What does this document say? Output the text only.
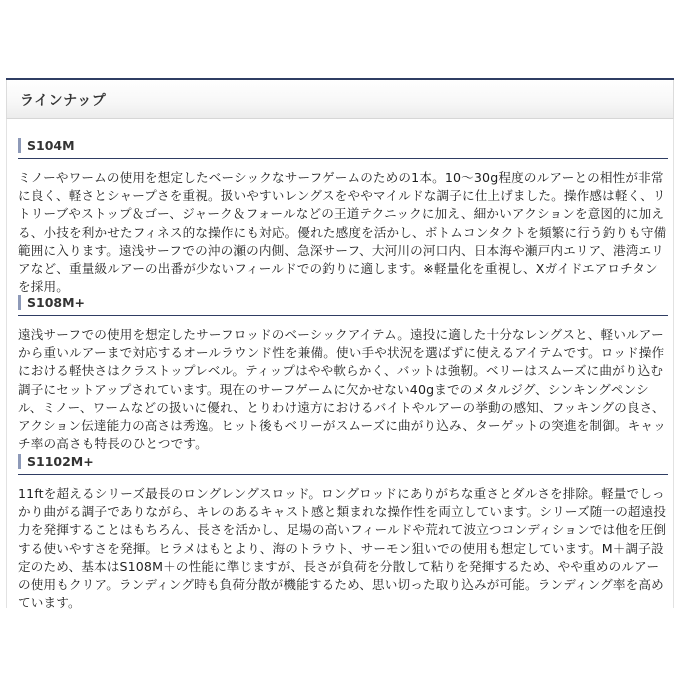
ラインナップ
S104M

ミノーやワームの使用を想定したベーシックなサーフゲームのための1本。10～30g程度のルアーとの相性が非常に良く、軽さとシャープさを重視。扱いやすいレングスをややマイルドな調子に仕上げました。操作感は軽く、リトリーブやストップ＆ゴー、ジャーク＆フォールなどの王道テクニックに加え、細かいアクションを意図的に加える、小技を利かせたフィネス的な操作にも対応。優れた感度を活かし、ボトムコンタクトを頻繁に行う釣りも守備範囲に入ります。遠浅サーフでの沖の瀬の内側、急深サーフ、大河川の河口内、日本海や瀬戸内エリア、港湾エリアなど、重量級ルアーの出番が少ないフィールドでの釣りに適します。※軽量化を重視し、Xガイドエアロチタンを採用。

S108M+

遠浅サーフでの使用を想定したサーフロッドのベーシックアイテム。遠投に適した十分なレングスと、軽いルアーから重いルアーまで対応するオールラウンド性を兼備。使い手や状況を選ばずに使えるアイテムです。ロッド操作における軽快さはクラストップレベル。ティップはやや軟らかく、バットは強靭。ベリーはスムーズに曲がり込む調子にセットアップされています。現在のサーフゲームに欠かせない40gまでのメタルジグ、シンキングペンシル、ミノー、ワームなどの扱いに優れ、とりわけ遠方におけるバイトやルアーの挙動の感知、フッキングの良さ、アクション伝達能力の高さは秀逸。ヒット後もベリーがスムーズに曲がり込み、ターゲットの突進を制御。キャッチ率の高さも特長のひとつです。

S1102M+

11ftを超えるシリーズ最長のロングレングスロッド。ロングロッドにありがちな重さとダルさを排除。軽量でしっかり曲がる調子でありながら、キレのあるキャスト感と類まれな操作性を両立しています。シリーズ随一の超遠投力を発揮することはもちろん、長さを活かし、足場の高いフィールドや荒れて波立つコンディションでは他を圧倒する使いやすさを発揮。ヒラメはもとより、海のトラウト、サーモン狙いでの使用も想定しています。M＋調子設定のため、基本はS108M＋の性能に準じますが、長さが負荷を分散して粘りを発揮するため、やや重めのルアーの使用もクリア。ランディング時も負荷分散が機能するため、思い切った取り込みが可能。ランディング率を高めています。
